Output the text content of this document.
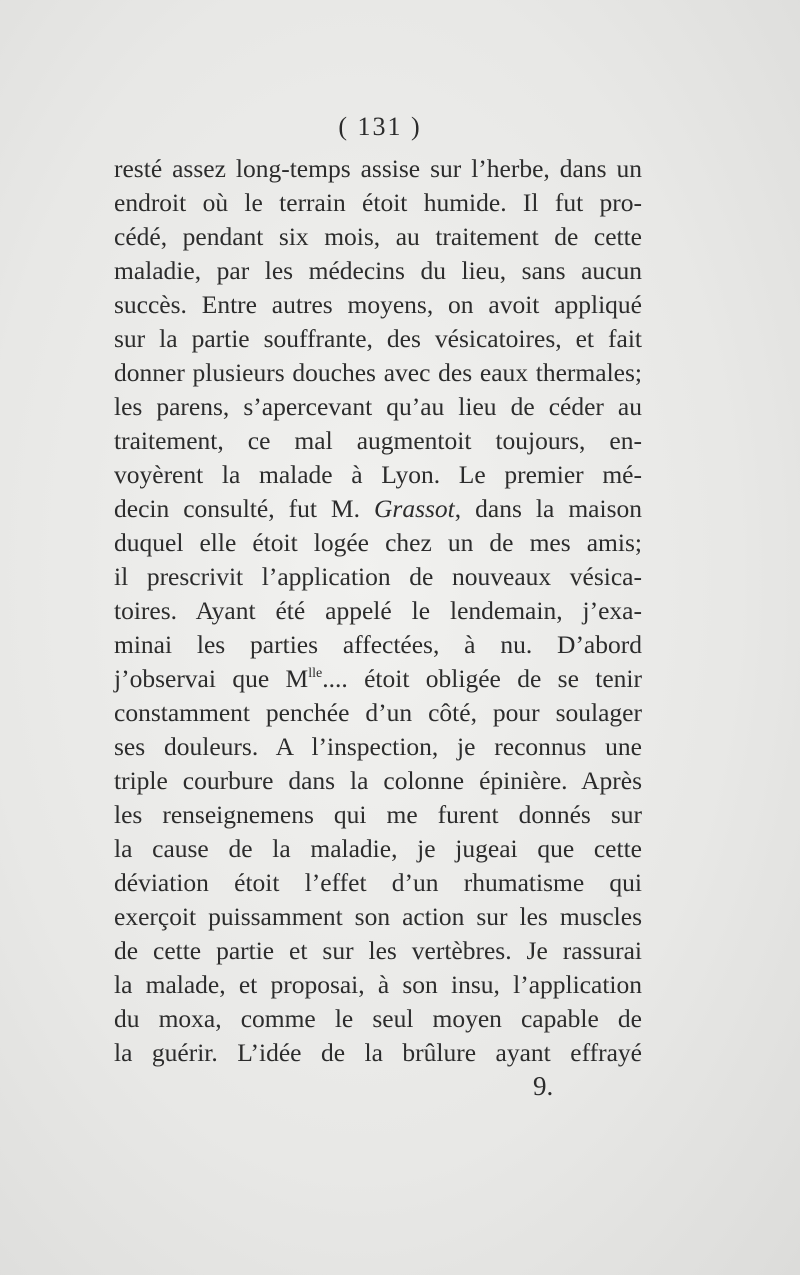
( 131 )
resté assez long-temps assise sur l’herbe, dans un
endroit où le terrain étoit humide. Il fut pro-
cédé, pendant six mois, au traitement de cette
maladie, par les médecins du lieu, sans aucun
succès. Entre autres moyens, on avoit appliqué
sur la partie souffrante, des vésicatoires, et fait
donner plusieurs douches avec des eaux thermales;
les parens, s’apercevant qu’au lieu de céder au
traitement, ce mal augmentoit toujours, en-
voyèrent la malade à Lyon. Le premier mé-
decin consulté, fut M. Grassot, dans la maison
duquel elle étoit logée chez un de mes amis;
il prescrivit l’application de nouveaux vésica-
toires. Ayant été appelé le lendemain, j’exa-
minai les parties affectées, à nu. D’abord
j’observai que $M^{lle}$.... étoit obligée de se tenir
constamment penchée d’un côté, pour soulager
ses douleurs. A l’inspection, je reconnus une
triple courbure dans la colonne épinière. Après
les renseignemens qui me furent donnés sur
la cause de la maladie, je jugeai que cette
déviation étoit l’effet d’un rhumatisme qui
exerçoit puissamment son action sur les muscles
de cette partie et sur les vertèbres. Je rassurai
la malade, et proposai, à son insu, l’application
du moxa, comme le seul moyen capable de
la guérir. L’idée de la brûlure ayant effrayé
9.
